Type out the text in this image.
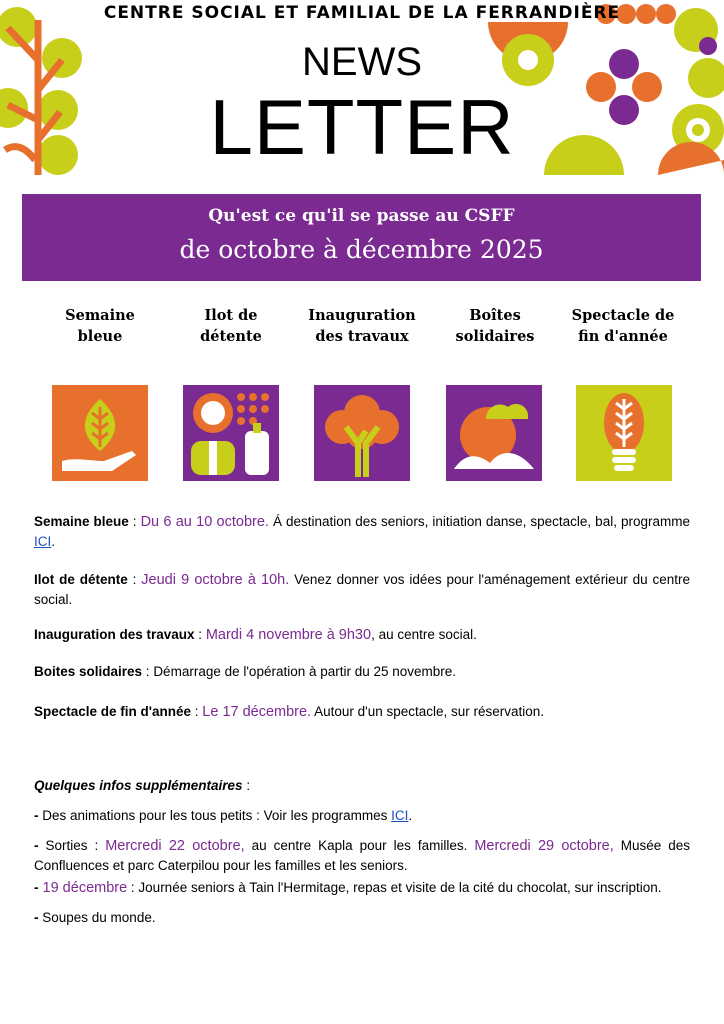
CENTRE SOCIAL ET FAMILIAL DE LA FERRANDIÈRE
NEWS
LETTER
Qu'est ce qu'il se passe au CSFF
de octobre à décembre 2025
Semaine
bleue
Ilot de
détente
Inauguration
des travaux
Boîtes
solidaires
Spectacle de
fin d'année
Semaine bleue : Du 6 au 10 octobre. Á destination des seniors, initiation danse, spectacle, bal, programme ICI.
Ilot de détente : Jeudi 9 octobre à 10h. Venez donner vos idées pour l'aménagement extérieur du centre social.
Inauguration des travaux : Mardi 4 novembre à 9h30, au centre social.
Boites solidaires : Démarrage de l'opération à partir du 25 novembre.
Spectacle de fin d'année : Le 17 décembre. Autour d'un spectacle, sur réservation.
Quelques infos supplémentaires :
- Des animations pour les tous petits : Voir les programmes ICI.
- Sorties : Mercredi 22 octobre, au centre Kapla pour les familles. Mercredi 29 octobre, Musée des Confluences et parc Caterpilou pour les familles et les seniors.
- 19 décembre : Journée seniors à Tain l'Hermitage, repas et visite de la cité du chocolat, sur inscription.
- Soupes du monde.
